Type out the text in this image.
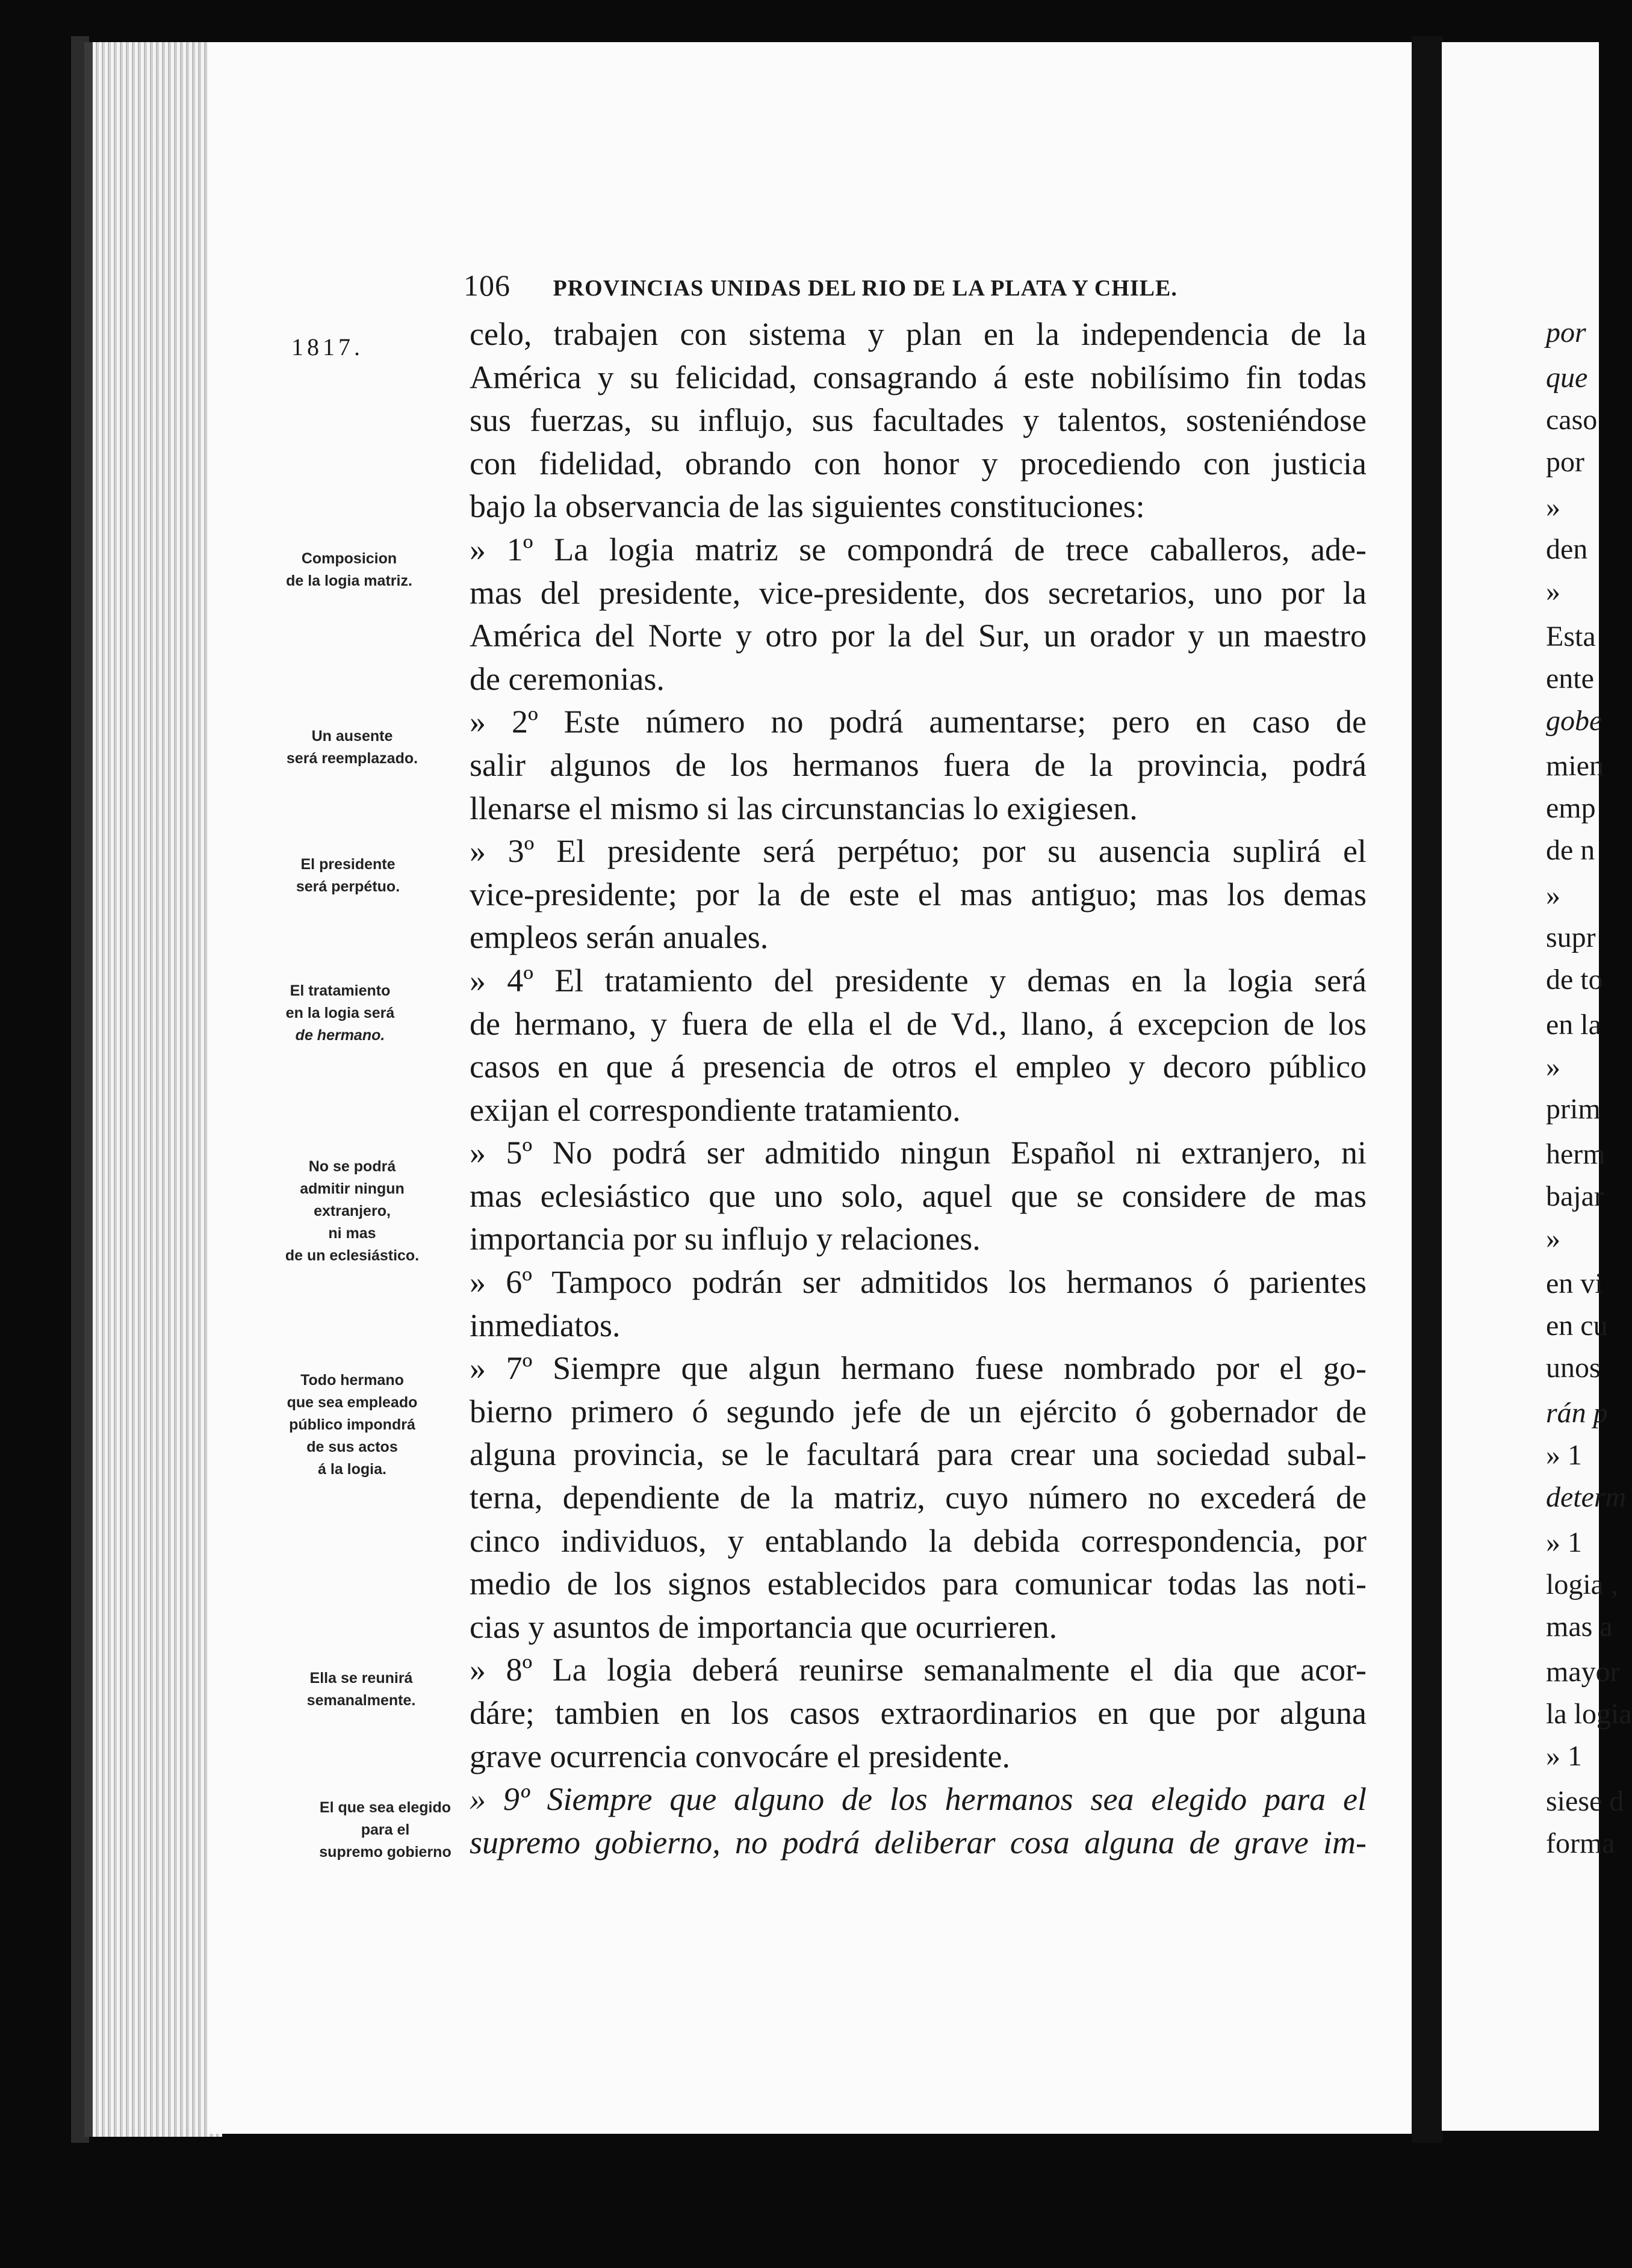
106 PROVINCIAS UNIDAS DEL RIO DE LA PLATA Y CHILE.
1817.
Composicion
de la logia matriz.
Un ausente
será reemplazado.
El presidente
será perpétuo.
El tratamiento
en la logia será
de hermano.
No se podrá
admitir ningun
extranjero,
ni mas
de un eclesiástico.
Todo hermano
que sea empleado
público impondrá
de sus actos
á la logia.
Ella se reunirá
semanalmente.
El que sea elegido
para el
supremo gobierno
celo, trabajen con sistema y plan en la independencia de la
América y su felicidad, consagrando á este nobilísimo fin todas
sus fuerzas, su influjo, sus facultades y talentos, sosteniéndose
con fidelidad, obrando con honor y procediendo con justicia
bajo la observancia de las siguientes constituciones:
» 1º La logia matriz se compondrá de trece caballeros, ade-
mas del presidente, vice-presidente, dos secretarios, uno por la
América del Norte y otro por la del Sur, un orador y un maestro
de ceremonias.
» 2º Este número no podrá aumentarse; pero en caso de
salir algunos de los hermanos fuera de la provincia, podrá
llenarse el mismo si las circunstancias lo exigiesen.
» 3º El presidente será perpétuo; por su ausencia suplirá el
vice-presidente; por la de este el mas antiguo; mas los demas
empleos serán anuales.
» 4º El tratamiento del presidente y demas en la logia será
de hermano, y fuera de ella el de Vd., llano, á excepcion de los
casos en que á presencia de otros el empleo y decoro público
exijan el correspondiente tratamiento.
» 5º No podrá ser admitido ningun Español ni extranjero, ni
mas eclesiástico que uno solo, aquel que se considere de mas
importancia por su influjo y relaciones.
» 6º Tampoco podrán ser admitidos los hermanos ó parientes
inmediatos.
» 7º Siempre que algun hermano fuese nombrado por el go-
bierno primero ó segundo jefe de un ejército ó gobernador de
alguna provincia, se le facultará para crear una sociedad subal-
terna, dependiente de la matriz, cuyo número no excederá de
cinco individuos, y entablando la debida correspondencia, por
medio de los signos establecidos para comunicar todas las noti-
cias y asuntos de importancia que ocurrieren.
» 8º La logia deberá reunirse semanalmente el dia que acor-
dáre; tambien en los casos extraordinarios en que por alguna
grave ocurrencia convocáre el presidente.
» 9º Siempre que alguno de los hermanos sea elegido para el
supremo gobierno, no podrá deliberar cosa alguna de grave im-
por
que
caso
por
»
den
»
Esta
ente
gobe
mien
emp
de n
»
supr
de to
en la
»
prim
herm
bajar
»
en vi
en cu
unos
rán p
» 1
determ
» 1
logia ,
mas a
mayor
la logia
» 1
siese d
forma
